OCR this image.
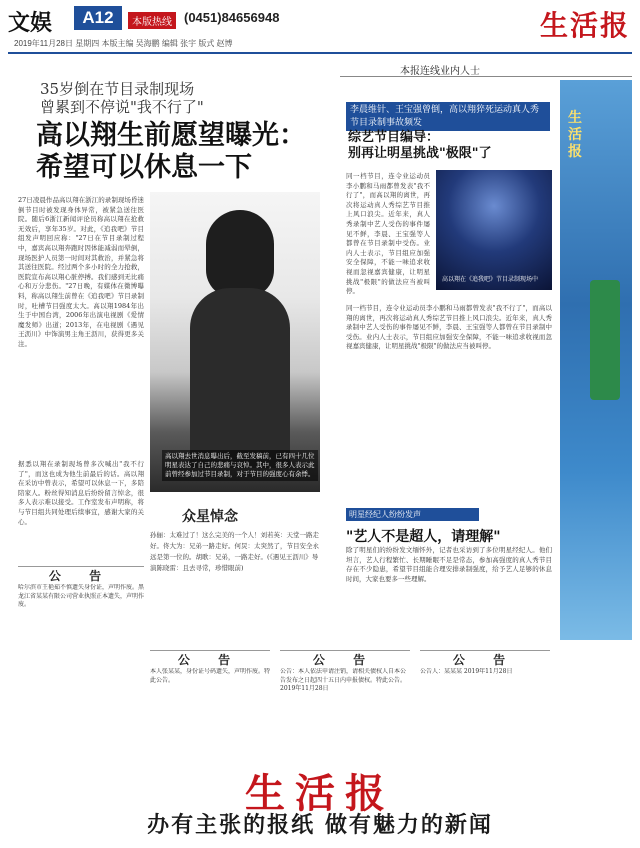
文娱	A12	本版热线 (0451)84656948	生活报
2019年11月28日 星期四 本版主编 吴海鹏 编辑 张宇 版式 赵博
35岁倒在节目录制现场
曾累到不停说"我不行了"
高以翔生前愿望曝光：
希望可以休息一下
27日凌晨作品高以翔在浙江的录制现场昏迷倒节目时被发现身体异常，被紧急送往医院。随后6浙江新闻评论员称高以翔在抢救无效后，享年35岁。对此，《追我吧》节目组发声明回应称："27日在节目录制过程中，嘉宾高以翔奔跑时因体能减弱而晕倒，现场医护人员第一时间对其救治，并紧急将其送往医院。经过两个多小时的全力抢救，医院宣布高以翔心脏停搏。我们感到无比痛心和万分悲伤。"27日晚，有媒体在微博曝料，称高以翔生前曾在《追我吧》节目录制时，吐槽节目强度太大。高以翔1984年出生于中国台湾，2006年出演电视剧《爱情魔发师》出道；2013年，在电视剧《遇见王沥川》中饰演男主角王沥川，获得更多关注。
据悉以翔在录制现场曾多次喊出"我不行了"，而这也成为他生前最后的话。高以翔在采访中曾表示，希望可以休息一下，多陪陪家人。粉丝得知消息后纷纷留言悼念，很多人表示难以接受。工作室发布声明称，将与节目组共同处理后续事宜，感谢大家的关心。
高以翔去世消息曝出后，截至发稿前，已有四十几位明星表达了自己的悲痛与哀悼。其中，很多人表示此前曾经参加过节目录制，对于节目的强度心有余悸。
众星悼念
孙俪：太难过了！这么完美的一个人！刘若英：天堂一路走好。佟大为：兄弟一路走好。何炅：太突然了，节目安全永远是第一位的。胡歌：兄弟，一路走好。(《遇见王沥川》导演陈晓雷：且去寻常，珍惜眼前)
本报连线业内人士
李晨维针、王宝强曾倒，高以翔猝死运动真人秀节目录制事故频发
综艺节目编导：
别再让明星挑战"极限"了
同一档节目，连令业运动员李小鹏和马雨都曾发表"我不行了"，而高以翔的离世，再次将运动真人秀综艺节目推上风口浪尖。近年来，真人秀录制中艺人受伤的事件屡见不鲜，李晨、王宝强等人都曾在节目录制中受伤。业内人士表示，节目组应加强安全保障，不能一味追求收视而忽视嘉宾健康，让明星挑战"极限"的做法应当被叫停。
高以翔在《追我吧》节目录制现场中
同一档节目，连令业运动员李小鹏和马雨都曾发表"我不行了"，而高以翔的离世，再次将运动真人秀综艺节目推上风口浪尖。近年来，真人秀录制中艺人受伤的事件屡见不鲜，李晨、王宝强等人都曾在节目录制中受伤。业内人士表示，节目组应加强安全保障，不能一味追求收视而忽视嘉宾健康，让明星挑战"极限"的做法应当被叫停。
明星经纪人纷纷发声
"艺人不是超人，请理解"
除了明星们的纷纷发文缅怀外，记者也采访到了多位明星经纪人。他们坦言，艺人行程繁忙、长期睡眠不足是常态，参加高强度的真人秀节目存在不少隐患，希望节目组能合理安排录制强度，给予艺人足够的休息时间，大家也要多一些理解。
生活报
公 告
哈尔滨市王艳茹不慎遗失身份证，声明作废。黑龙江省某某有限公司营业执照正本遗失，声明作废。
公 告
本人张某某，身份证号码遗失，声明作废。特此公告。
公 告
公告：本人依法申请注销，请相关债权人自本公告发布之日起四十五日内申报债权。特此公告。2019年11月28日
公 告
公告人：某某某 2019年11月28日
生活报
办有主张的报纸 做有魅力的新闻
